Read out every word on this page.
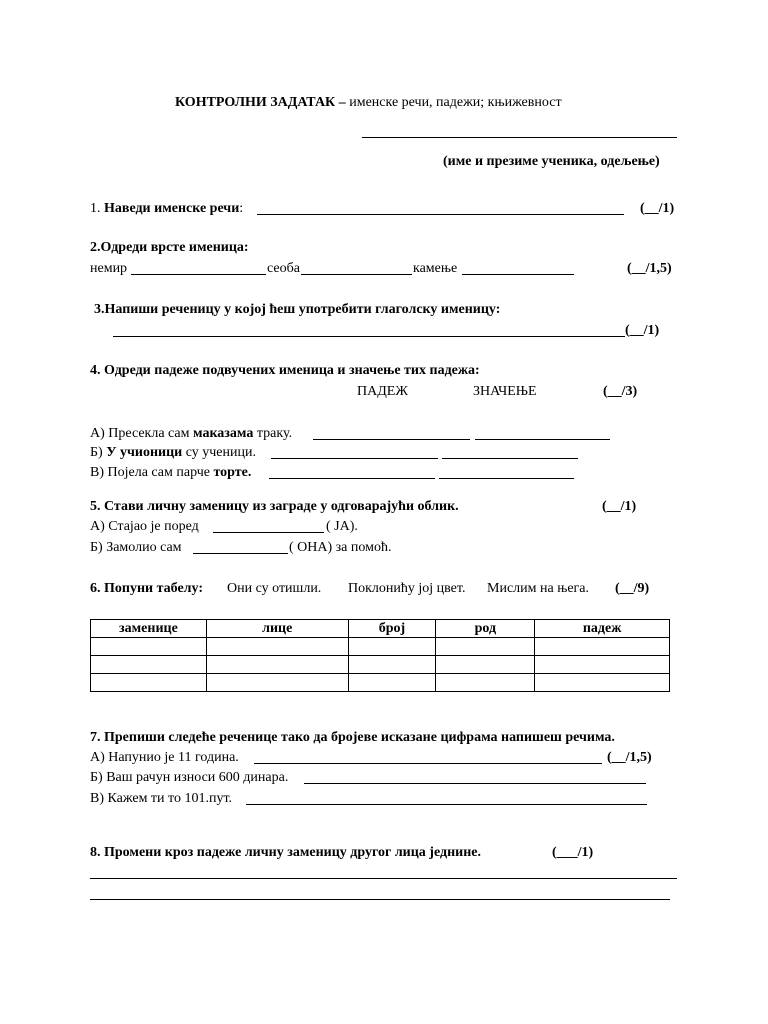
КОНТРОЛНИ ЗАДАТАК – именске речи, падежи; књижевност
(име и презиме ученика, одељење)
1. Наведи именске речи:	(__/1)
2.Одреди врсте именица:
немир	сеоба	камење	(__/1,5)
3.Напиши реченицу у којој ћеш употребити глаголску именицу:
(__/1)
4. Одреди падеже подвучених именица и значење тих падежа:
ПАДЕЖ	ЗНАЧЕЊЕ	(__/3)
А) Пресекла сам маказама траку.
Б) У учионици су ученици.
В) Појела сам парче торте.
5. Стави личну заменицу из заграде у одговарајући облик.	(__/1)
А) Стајао је поред	( ЈА).
Б) Замолио сам	( ОНА) за помоћ.
6. Попуни табелу: Они су отишли. Поклонићу јој цвет. Мислим на њега. (__/9)
заменице	лице	број	род	падеж

7. Препиши следеће реченице тако да бројеве исказане цифрама напишеш речима.
А) Напунио је 11 година.	(__/1,5)
Б) Ваш рачун износи 600 динара.
В) Кажем ти то 101.пут.
8. Промени кроз падеже личну заменицу другог лица једнине.	(___/1)
